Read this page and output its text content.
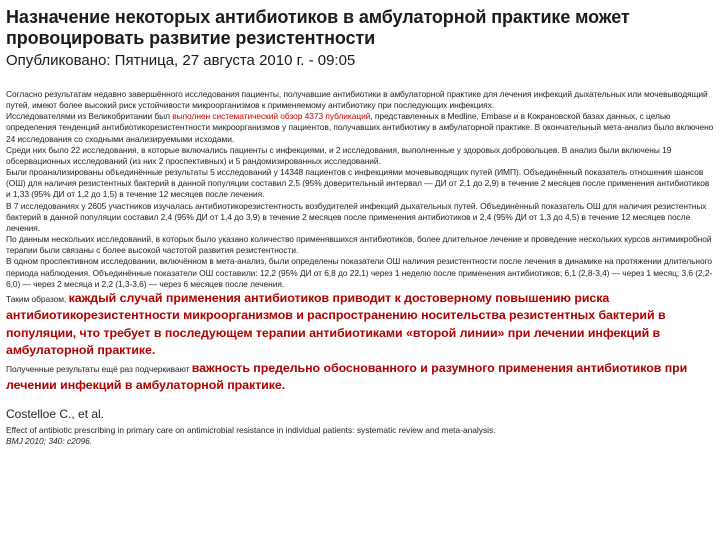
Назначение некоторых антибиотиков в амбулаторной практике может провоцировать развитие резистентности
Опубликовано: Пятница, 27 августа 2010 г. - 09:05

Согласно результатам недавно завершённого исследования пациенты, получавшие антибиотики в амбулаторной практике для лечения инфекций дыхательных или мочевыводящий путей, имеют более высокий риск устойчивости микроорганизмов к применяемому антибиотику при последующих инфекциях.

Исследователями из Великобритании был выполнен систематический обзор 4373 публикаций, представленных в Medline, Embase и в Кокрановской базах данных, с целью определения тенденций антибиотикорезистентности микроорганизмов у пациентов, получавших антибиотику в амбулаторной практике. В окончательный мета-анализ было включено 24 исследования со сходными анализируемыми исходами.

Среди них было 22 исследования, в которые включались пациенты с инфекциями, и 2 исследования, выполненные у здоровых добровольцев. В анализ были включены 19 обсервационных исследований (из них 2 проспективных) и 5 рандомизированных исследований.

Были проанализированы объединённые результаты 5 исследований у 14348 пациентов с инфекциями мочевыводящих путей (ИМП). Объединённый показатель отношения шансов (ОШ) для наличия резистентных бактерий в данной популяции составил 2,5 (95% доверительный интервал — ДИ от 2,1 до 2,9) в течение 2 месяцев после применения антибиотиков и 1,33 (95% ДИ от 1,2 до 1,5) в течение 12 месяцев после лечения.

В 7 исследованиях у 2605 участников изучалась антибиотикорезистентность возбудителей инфекций дыхательных путей. Объединённый показатель ОШ для наличия резистентных бактерий в данной популяции составил 2,4 (95% ДИ от 1,4 до 3,9) в течение 2 месяцев после применения антибиотиков и 2,4 (95% ДИ от 1,3 до 4,5) в течение 12 месяцев после лечения.

По данным нескольких исследований, в которых было указано количество применявшихся антибиотиков, более длительное лечение и проведение нескольких курсов антимикробной терапии были связаны с более высокой частотой развития резистентности.

В одном проспективном исследовании, включённом в мета-анализ, были определены показатели ОШ наличия резистентности после лечения в динамике на протяжении длительного периода наблюдения. Объединённые показатели ОШ составили: 12,2 (95% ДИ от 6,8 до 22,1) через 1 неделю после применения антибиотиков; 6,1 (2,8-3,4) — через 1 месяц; 3,6 (2,2-6,0) — через 2 месяца и 2,2 (1,3-3,6) — через 6 месяцев после лечения.

Таким образом, каждый случай применения антибиотиков приводит к достоверному повышению риска антибиотикорезистентности микроорганизмов и распространению носительства резистентных бактерий в популяции, что требует в последующем терапии антибиотиками «второй линии» при лечении инфекций в амбулаторной практике.

Полученные результаты ещё раз подчеркивают важность предельно обоснованного и разумного применения антибиотиков при лечении инфекций в амбулаторной практике.

Costelloe C., et al.
Effect of antibiotic prescribing in primary care on antimicrobial resistance in individual patients: systematic review and meta-analysis.
BMJ 2010; 340: c2096.
